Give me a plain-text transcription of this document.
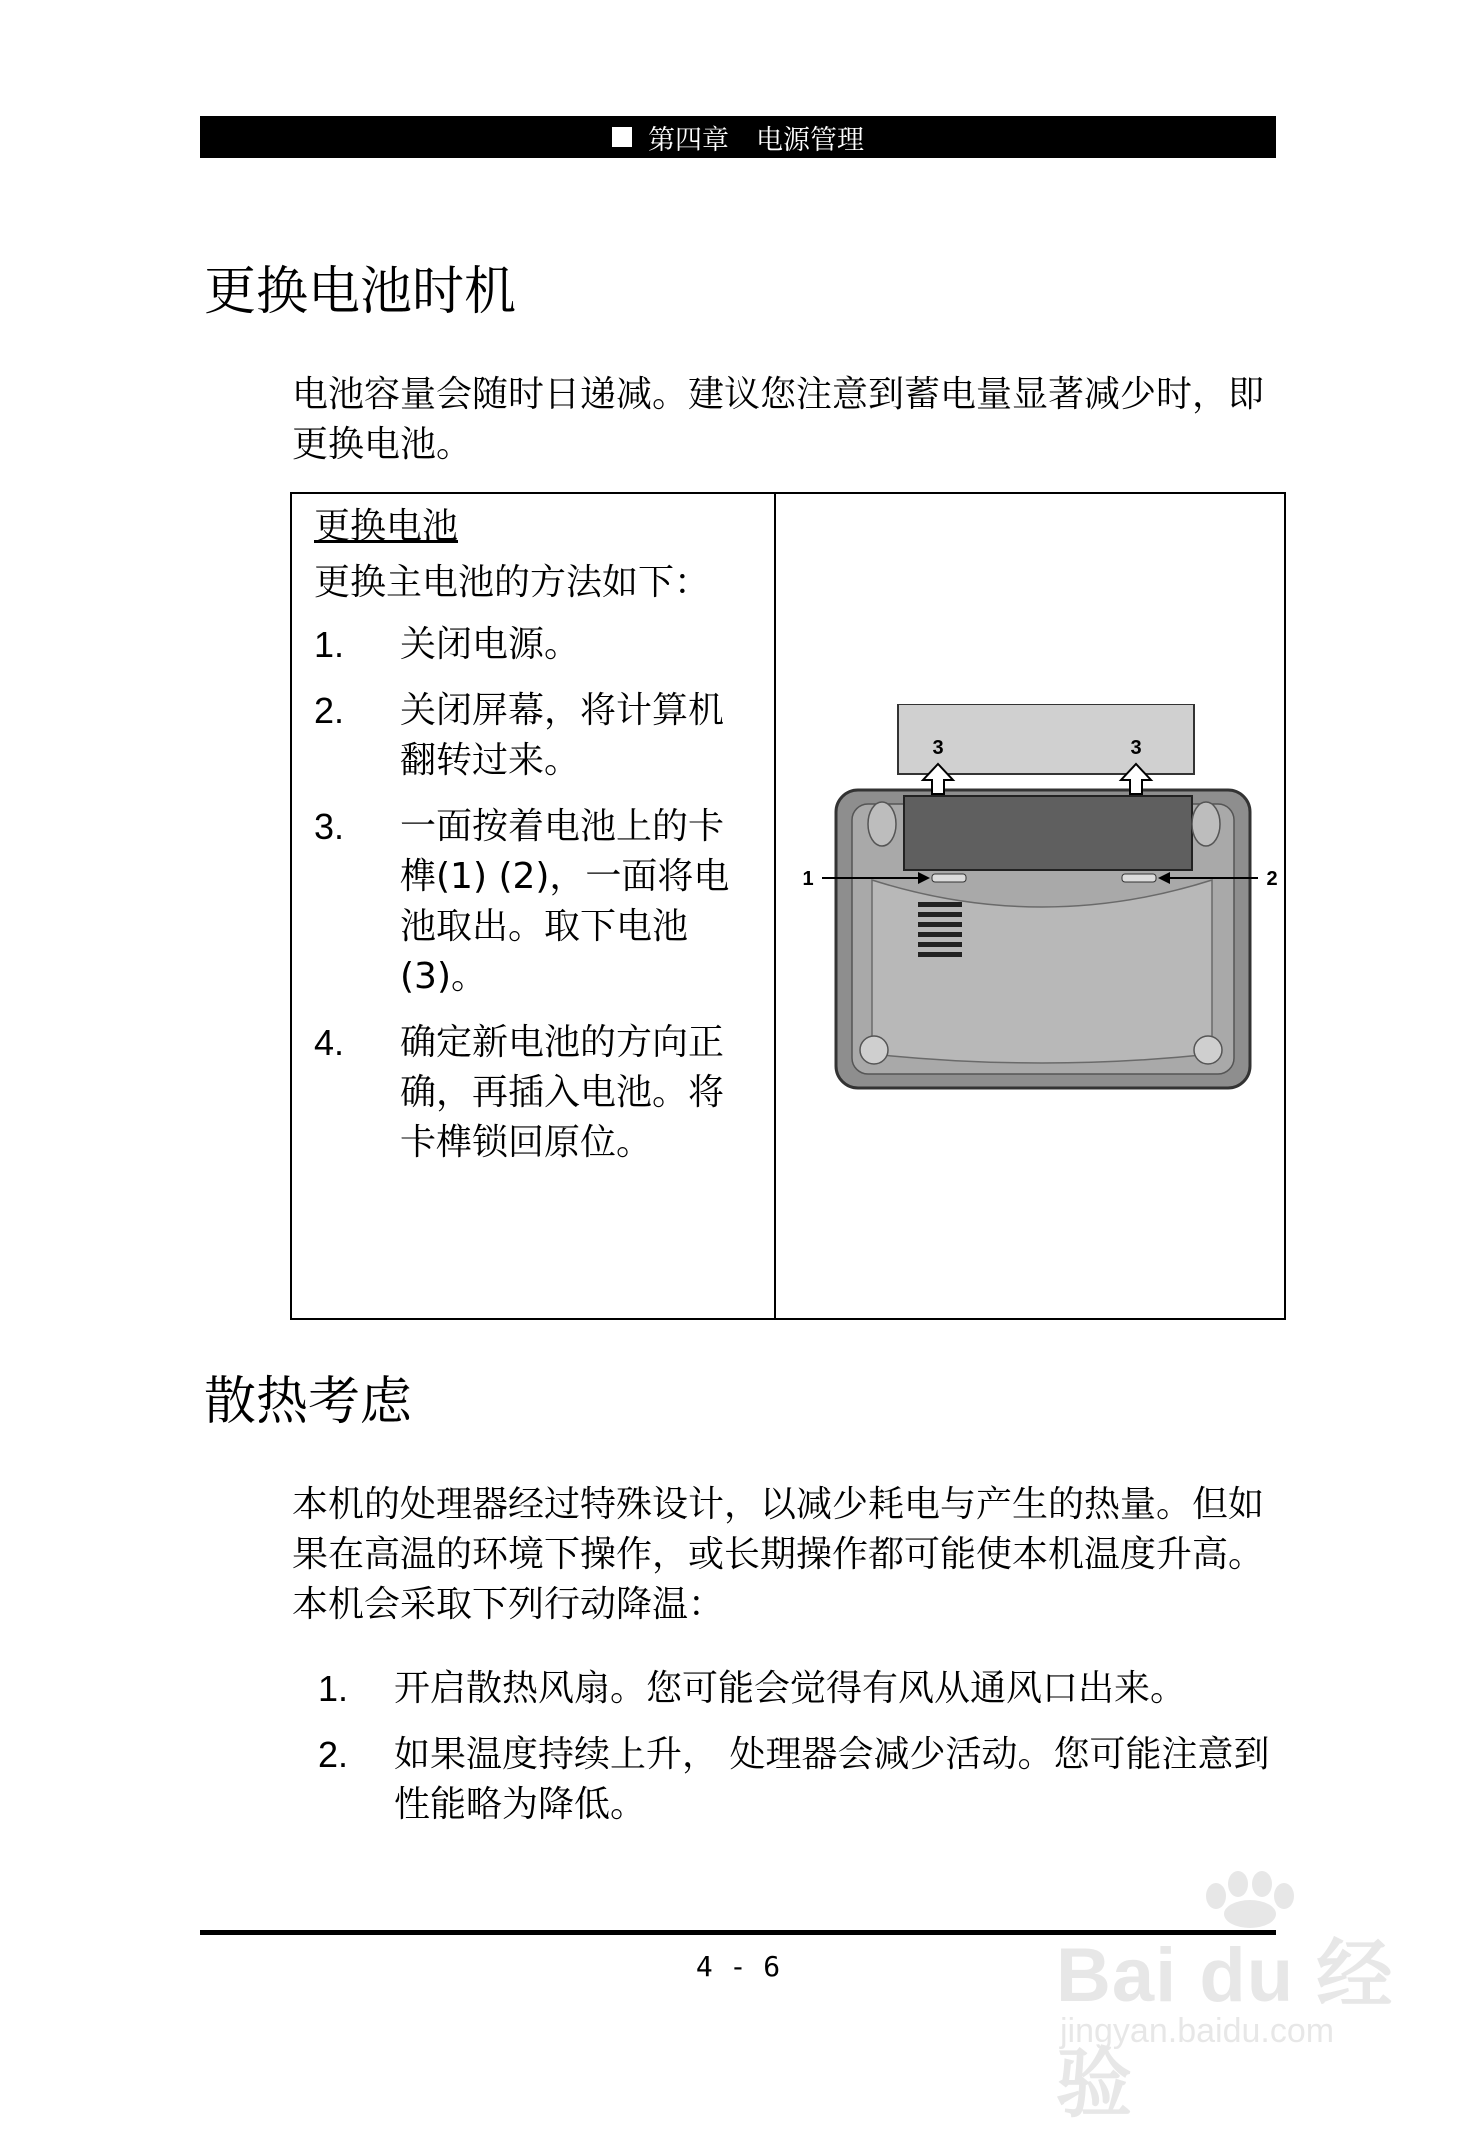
第四章　电源管理
更换电池时机

电池容量会随时日递减。建议您注意到蓄电量显著减少时，即更换电池。

更换电池

更换主电池的方法如下：

1. 关闭电源。
2. 关闭屏幕，将计算机翻转过来。
3. 一面按着电池上的卡榫(1) (2)，一面将电池取出。取下电池(3)。
4. 确定新电池的方向正确，再插入电池。将卡榫锁回原位。
3	3
1	2
散热考虑

本机的处理器经过特殊设计，以减少耗电与产生的热量。但如果在高温的环境下操作，或长期操作都可能使本机温度升高。本机会采取下列行动降温：

1. 开启散热风扇。您可能会觉得有风从通风口出来。
2. 如果温度持续上升， 处理器会减少活动。您可能注意到性能略为降低。
4 - 6	Bai du 经验
jingyan.baidu.com
